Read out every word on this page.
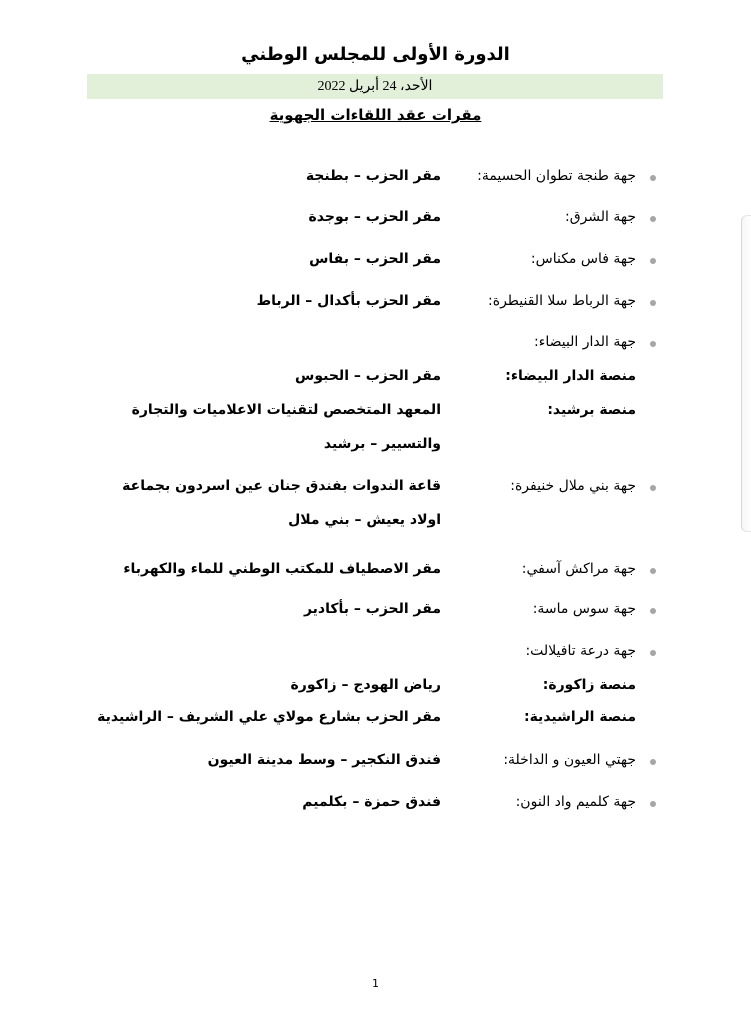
الدورة الأولى للمجلس الوطني
الأحد، 24 أبريل 2022
مقرات عقد اللقاءات الجهوية
جهة طنجة تطوان الحسيمة:
مقر الحزب – بطنجة
جهة الشرق:
مقر الحزب – بوجدة
جهة فاس مكناس:
مقر الحزب – بفاس
جهة الرباط سلا القنيطرة:
مقر الحزب بأكدال – الرباط
جهة الدار البيضاء:
منصة الدار البيضاء:
مقر الحزب – الحبوس
منصة برشيد:
المعهد المتخصص لتقنيات الاعلاميات والتجارة والتسيير – برشيد
جهة بني ملال خنيفرة:
قاعة الندوات بفندق جنان عين اسردون بجماعة اولاد يعيش – بني ملال
جهة مراكش آسفي:
مقر الاصطياف للمكتب الوطني للماء والكهرباء
جهة سوس ماسة:
مقر الحزب – بأكادير
جهة درعة تافيلالت:
منصة زاكورة:
رياض الهودج – زاكورة
منصة الراشيدية:
مقر الحزب بشارع مولاي علي الشريف – الراشيدية
جهتي العيون و الداخلة:
فندق النكجير – وسط مدينة العيون
جهة كلميم واد النون:
فندق حمزة – بكلميم
1
